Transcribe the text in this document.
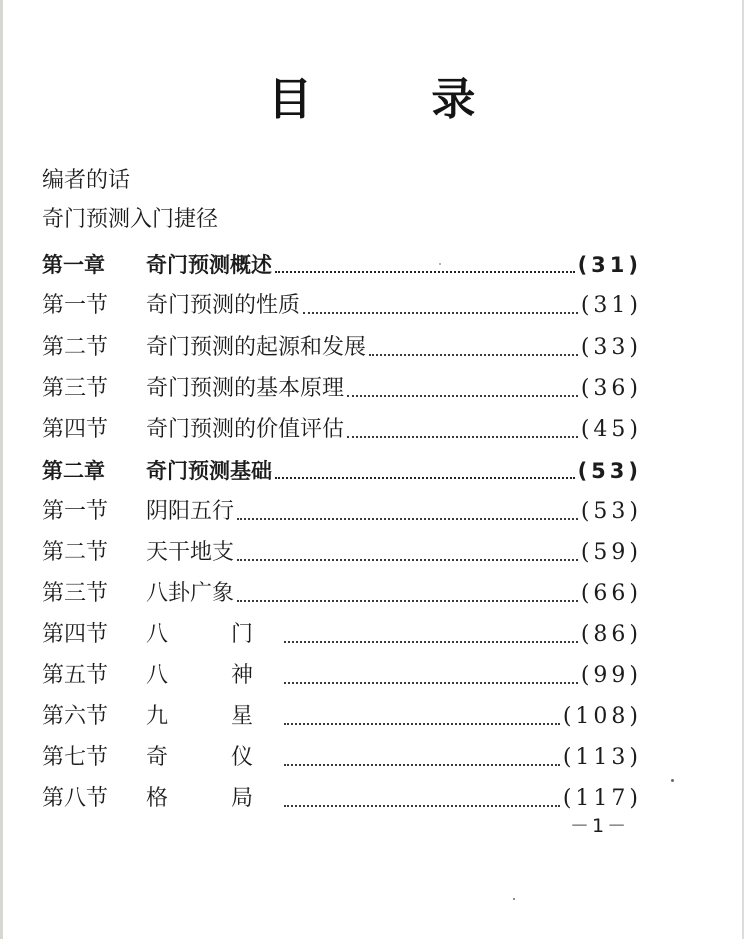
目 录
编者的话
奇门预测入门捷径
第一章	奇门预测概述	(31)
第一节	奇门预测的性质	(31)
第二节	奇门预测的起源和发展	(33)
第三节	奇门预测的基本原理	(36)
第四节	奇门预测的价值评估	(45)
第二章	奇门预测基础	(53)
第一节	阴阳五行	(53)
第二节	天干地支	(59)
第三节	八卦广象	(66)
第四节	八 门	(86)
第五节	八 神	(99)
第六节	九 星	(108)
第七节	奇 仪	(113)
第八节	格 局	(117)
－1－
